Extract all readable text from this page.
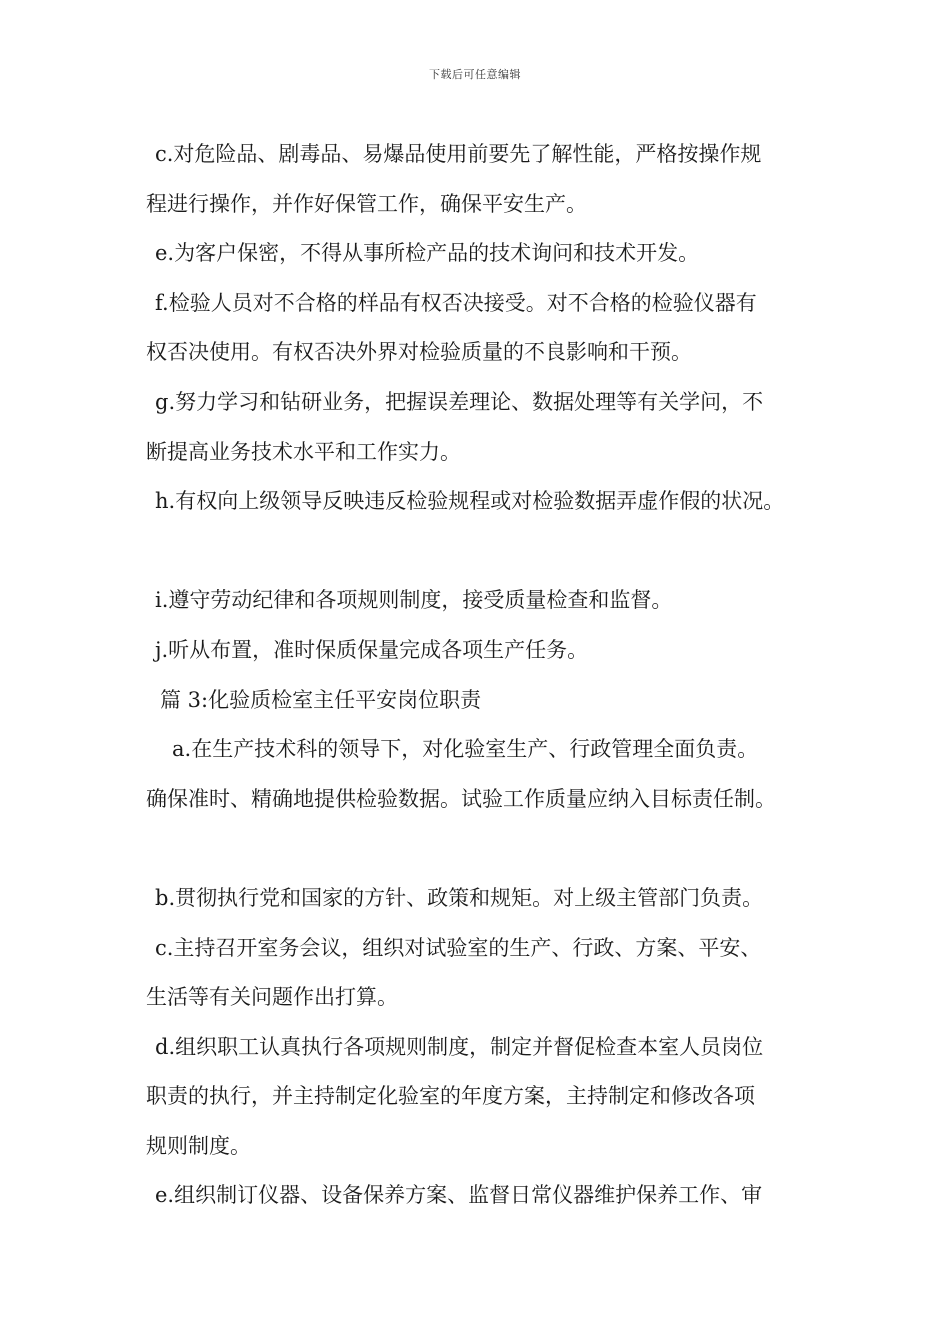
下载后可任意编辑
c.对危险品、剧毒品、易爆品使用前要先了解性能，严格按操作规
程进行操作，并作好保管工作，确保平安生产。
e.为客户保密，不得从事所检产品的技术询问和技术开发。
f.检验人员对不合格的样品有权否决接受。对不合格的检验仪器有
权否决使用。有权否决外界对检验质量的不良影响和干预。
g.努力学习和钻研业务，把握误差理论、数据处理等有关学问，不
断提高业务技术水平和工作实力。
h.有权向上级领导反映违反检验规程或对检验数据弄虚作假的状况。
i.遵守劳动纪律和各项规则制度，接受质量检查和监督。
j.听从布置，准时保质保量完成各项生产任务。
篇 3:化验质检室主任平安岗位职责
a.在生产技术科的领导下，对化验室生产、行政管理全面负责。
确保准时、精确地提供检验数据。试验工作质量应纳入目标责任制。
b.贯彻执行党和国家的方针、政策和规矩。对上级主管部门负责。
c.主持召开室务会议，组织对试验室的生产、行政、方案、平安、
生活等有关问题作出打算。
d.组织职工认真执行各项规则制度，制定并督促检查本室人员岗位
职责的执行，并主持制定化验室的年度方案，主持制定和修改各项
规则制度。
e.组织制订仪器、设备保养方案、监督日常仪器维护保养工作、审
